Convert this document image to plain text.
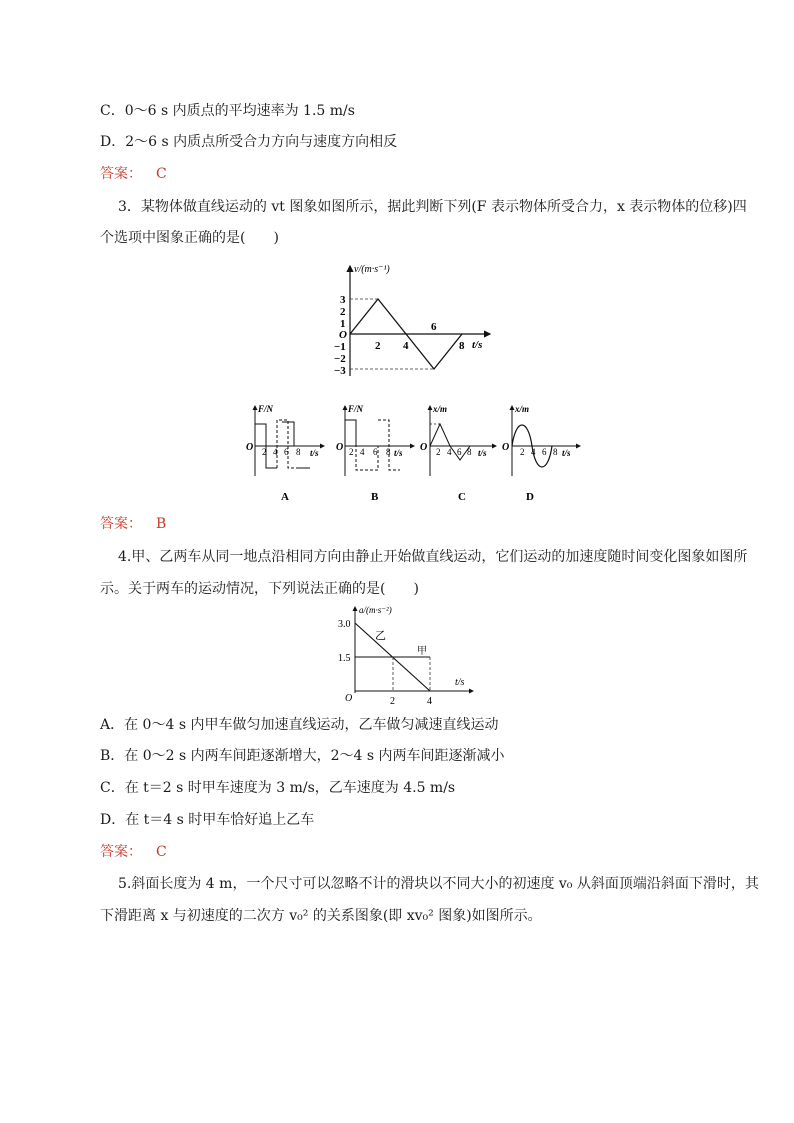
C．0～6 s 内质点的平均速率为 1.5 m/s
D．2～6 s 内质点所受合力方向与速度方向相反
答案： C
3．某物体做直线运动的 vt 图象如图所示，据此判断下列(F 表示物体所受合力，x 表示物体的位移)四
个选项中图象正确的是(　　)
v/(m·s⁻¹)
t/s
O
3
2
1
−1
−2
−3
2 4
6
8
F/N
O	t/s
2 4 6 8
A
F/N
O	t/s
2 4 6 8
B
x/m
O	t/s
2 4 6 8
C
x/m
O	t/s
2 4 6 8
D
答案： B
4.甲、乙两车从同一地点沿相同方向由静止开始做直线运动，它们运动的加速度随时间变化图象如图所
示。关于两车的运动情况，下列说法正确的是(　　)
a/(m·s⁻²)
t/s
O
3.0
1.5
2	4
乙
甲
A．在 0～4 s 内甲车做匀加速直线运动，乙车做匀减速直线运动
B．在 0～2 s 内两车间距逐渐增大，2～4 s 内两车间距逐渐减小
C．在 t＝2 s 时甲车速度为 3 m/s，乙车速度为 4.5 m/s
D．在 t＝4 s 时甲车恰好追上乙车
答案： C
5.斜面长度为 4 m，一个尺寸可以忽略不计的滑块以不同大小的初速度 v₀ 从斜面顶端沿斜面下滑时，其
下滑距离 x 与初速度的二次方 v₀² 的关系图象(即 xv₀² 图象)如图所示。
